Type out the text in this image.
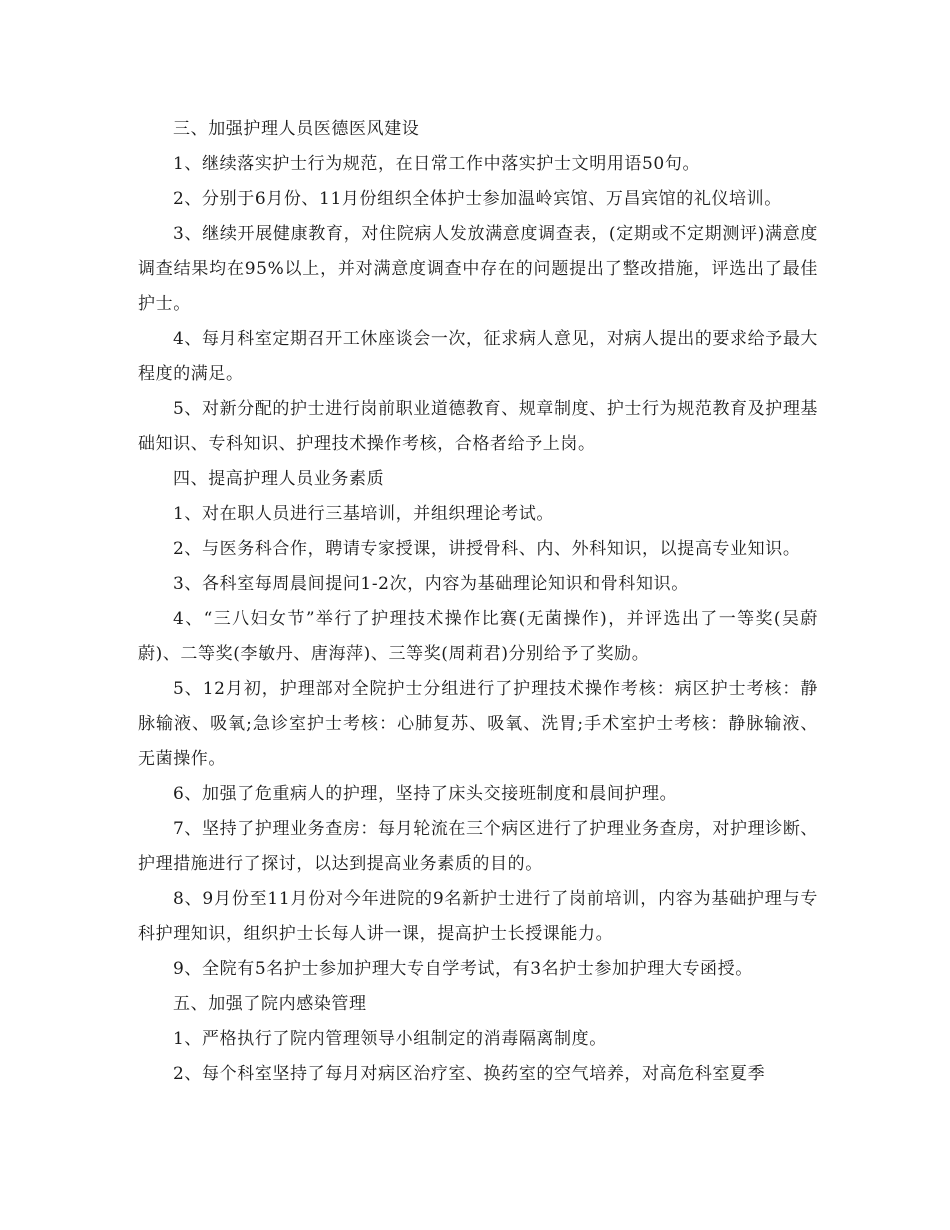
三、加强护理人员医德医风建设

1、继续落实护士行为规范，在日常工作中落实护士文明用语50句。

2、分别于6月份、11月份组织全体护士参加温岭宾馆、万昌宾馆的礼仪培训。

3、继续开展健康教育，对住院病人发放满意度调查表，(定期或不定期测评)满意度调查结果均在95%以上，并对满意度调查中存在的问题提出了整改措施，评选出了最佳护士。

4、每月科室定期召开工休座谈会一次，征求病人意见，对病人提出的要求给予最大程度的满足。

5、对新分配的护士进行岗前职业道德教育、规章制度、护士行为规范教育及护理基础知识、专科知识、护理技术操作考核，合格者给予上岗。

四、提高护理人员业务素质

1、对在职人员进行三基培训，并组织理论考试。

2、与医务科合作，聘请专家授课，讲授骨科、内、外科知识，以提高专业知识。

3、各科室每周晨间提问1-2次，内容为基础理论知识和骨科知识。

4、“三八妇女节”举行了护理技术操作比赛(无菌操作)，并评选出了一等奖(吴蔚蔚)、二等奖(李敏丹、唐海萍)、三等奖(周莉君)分别给予了奖励。

5、12月初，护理部对全院护士分组进行了护理技术操作考核：病区护士考核：静脉输液、吸氧;急诊室护士考核：心肺复苏、吸氧、洗胃;手术室护士考核：静脉输液、无菌操作。

6、加强了危重病人的护理，坚持了床头交接班制度和晨间护理。

7、坚持了护理业务查房：每月轮流在三个病区进行了护理业务查房，对护理诊断、护理措施进行了探讨，以达到提高业务素质的目的。

8、9月份至11月份对今年进院的9名新护士进行了岗前培训，内容为基础护理与专科护理知识，组织护士长每人讲一课，提高护士长授课能力。

9、全院有5名护士参加护理大专自学考试，有3名护士参加护理大专函授。

五、加强了院内感染管理

1、严格执行了院内管理领导小组制定的消毒隔离制度。

2、每个科室坚持了每月对病区治疗室、换药室的空气培养，对高危科室夏季
